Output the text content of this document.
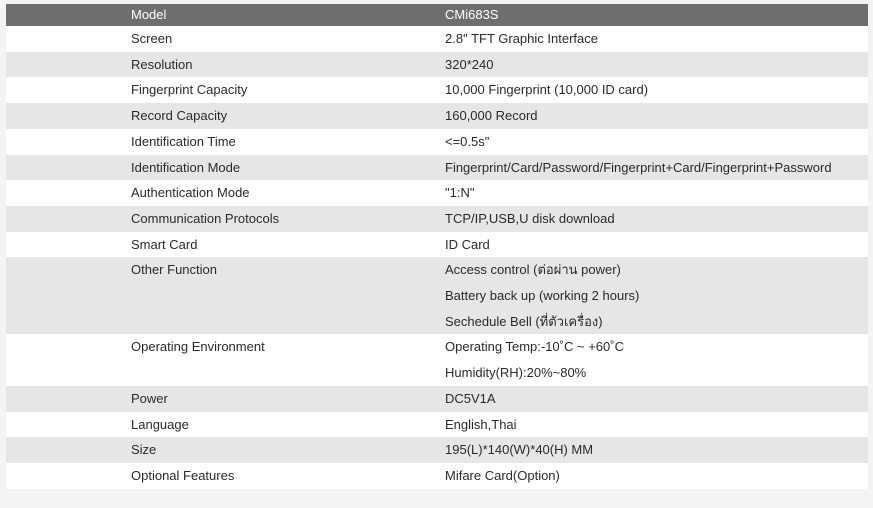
Model	CMi683S
Screen	2.8" TFT Graphic Interface
Resolution	320*240
Fingerprint Capacity	10,000 Fingerprint (10,000 ID card)
Record Capacity	160,000 Record
Identification Time	<=0.5s"
Identification Mode	Fingerprint/Card/Password/Fingerprint+Card/Fingerprint+Password
Authentication Mode	"1:N"
Communication Protocols	TCP/IP,USB,U disk download
Smart Card	ID Card
Other Function	Access control (ต่อผ่าน power)
Battery back up (working 2 hours)
Sechedule Bell (ที่ตัวเครื่อง)

Operating Environment	Operating Temp:-10˚C ~ +60˚C
Humidity(RH):20%~80%

Power	DC5V1A
Language	English,Thai
Size	195(L)*140(W)*40(H) MM
Optional Features	Mifare Card(Option)
